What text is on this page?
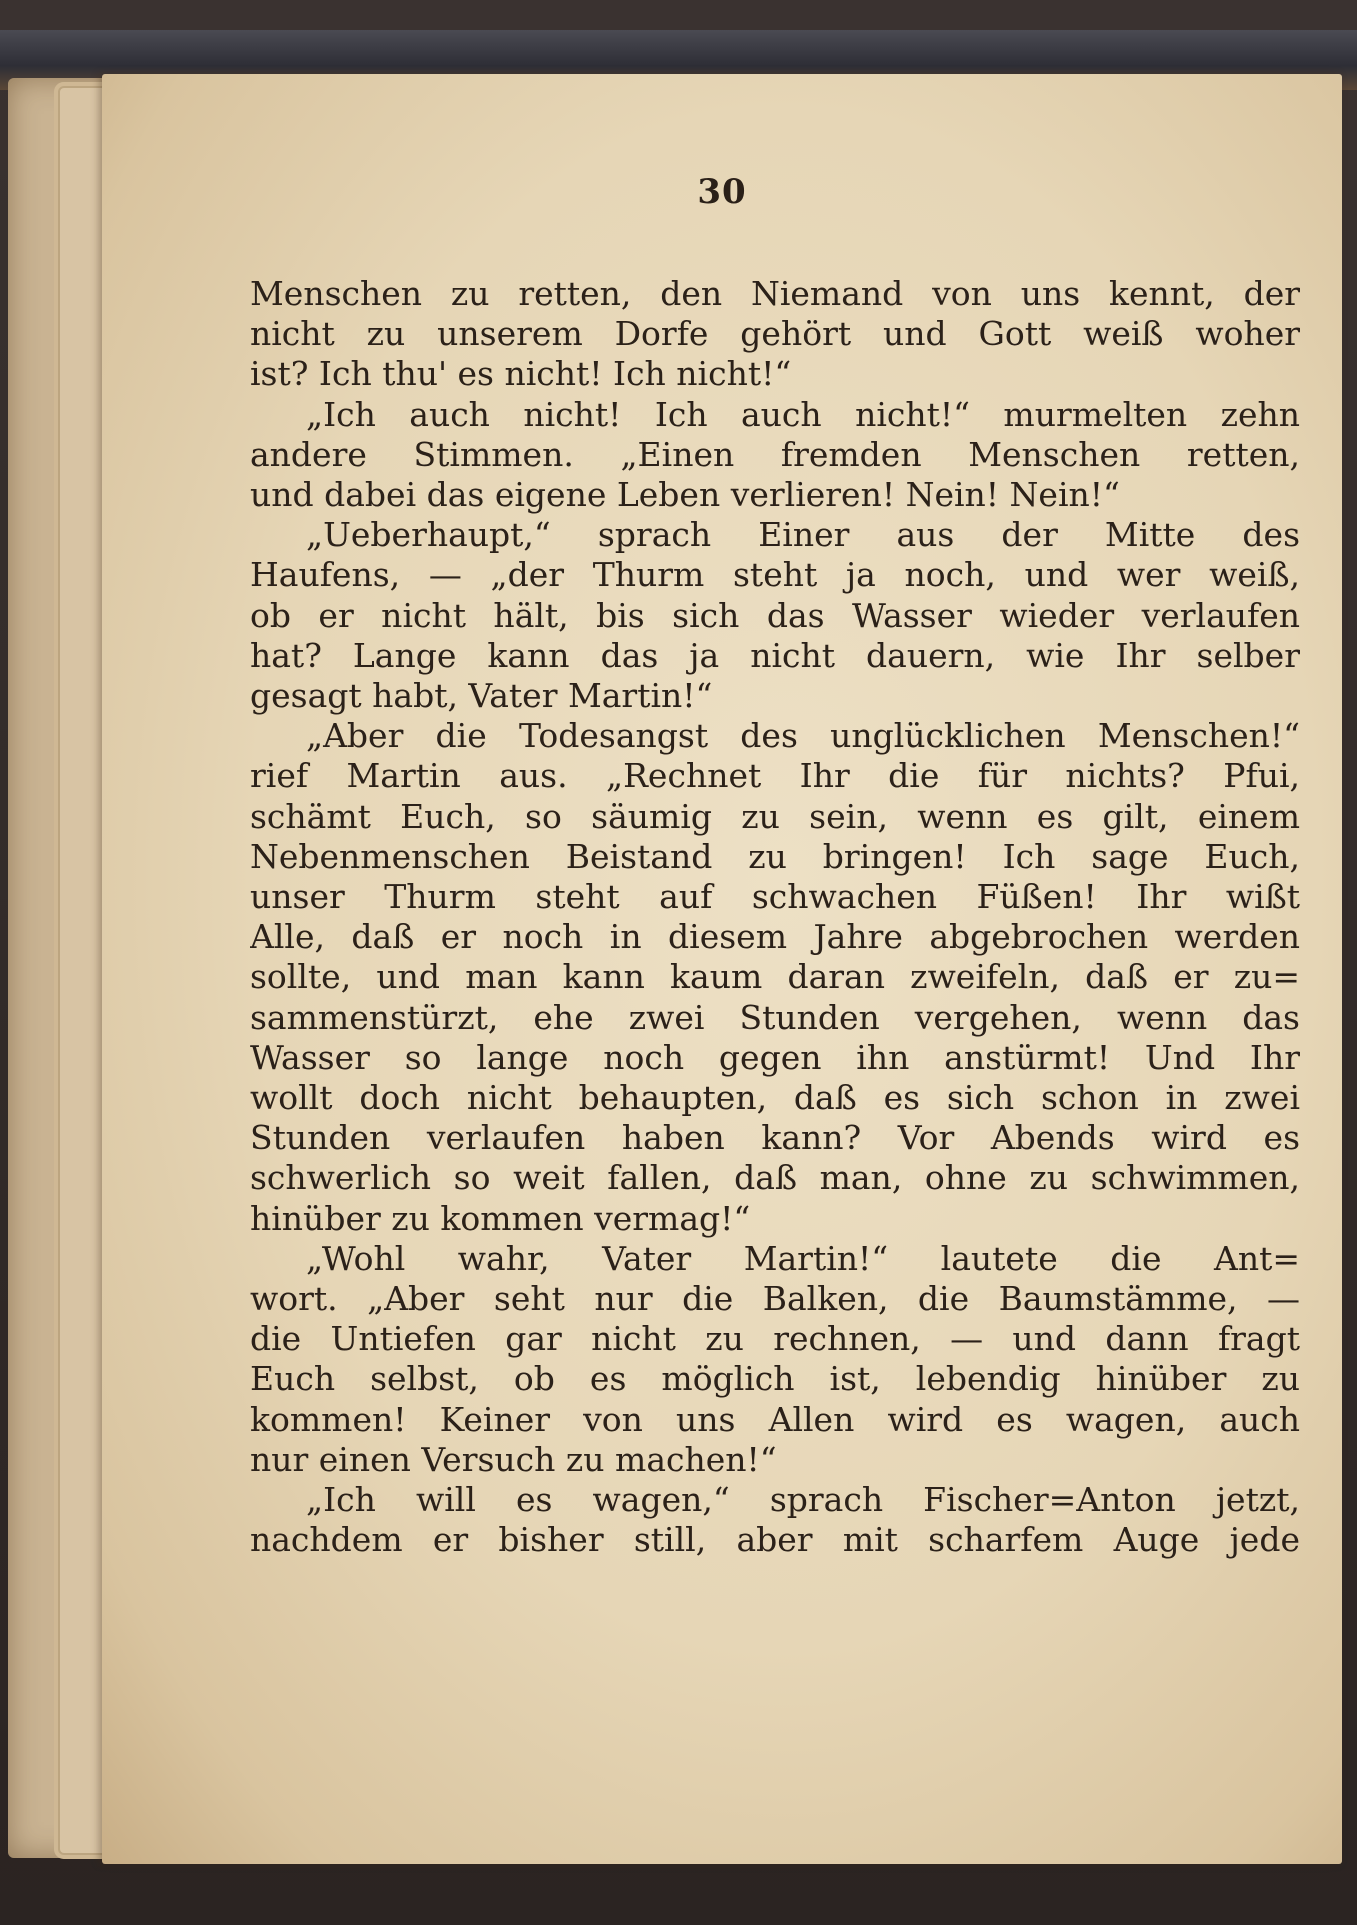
30
Menschen zu retten, den Niemand von uns kennt, der
nicht zu unserem Dorfe gehört und Gott weiß woher
ist? Ich thu' es nicht! Ich nicht!“
„Ich auch nicht! Ich auch nicht!“ murmelten zehn
andere Stimmen. „Einen fremden Menschen retten,
und dabei das eigene Leben verlieren! Nein! Nein!“
„Ueberhaupt,“ sprach Einer aus der Mitte des
Haufens, — „der Thurm steht ja noch, und wer weiß,
ob er nicht hält, bis sich das Wasser wieder verlaufen
hat? Lange kann das ja nicht dauern, wie Ihr selber
gesagt habt, Vater Martin!“
„Aber die Todesangst des unglücklichen Menschen!“
rief Martin aus. „Rechnet Ihr die für nichts? Pfui,
schämt Euch, so säumig zu sein, wenn es gilt, einem
Nebenmenschen Beistand zu bringen! Ich sage Euch,
unser Thurm steht auf schwachen Füßen! Ihr wißt
Alle, daß er noch in diesem Jahre abgebrochen werden
sollte, und man kann kaum daran zweifeln, daß er zu=
sammenstürzt, ehe zwei Stunden vergehen, wenn das
Wasser so lange noch gegen ihn anstürmt! Und Ihr
wollt doch nicht behaupten, daß es sich schon in zwei
Stunden verlaufen haben kann? Vor Abends wird es
schwerlich so weit fallen, daß man, ohne zu schwimmen,
hinüber zu kommen vermag!“
„Wohl wahr, Vater Martin!“ lautete die Ant=
wort. „Aber seht nur die Balken, die Baumstämme, —
die Untiefen gar nicht zu rechnen, — und dann fragt
Euch selbst, ob es möglich ist, lebendig hinüber zu
kommen! Keiner von uns Allen wird es wagen, auch
nur einen Versuch zu machen!“
„Ich will es wagen,“ sprach Fischer=Anton jetzt,
nachdem er bisher still, aber mit scharfem Auge jede
